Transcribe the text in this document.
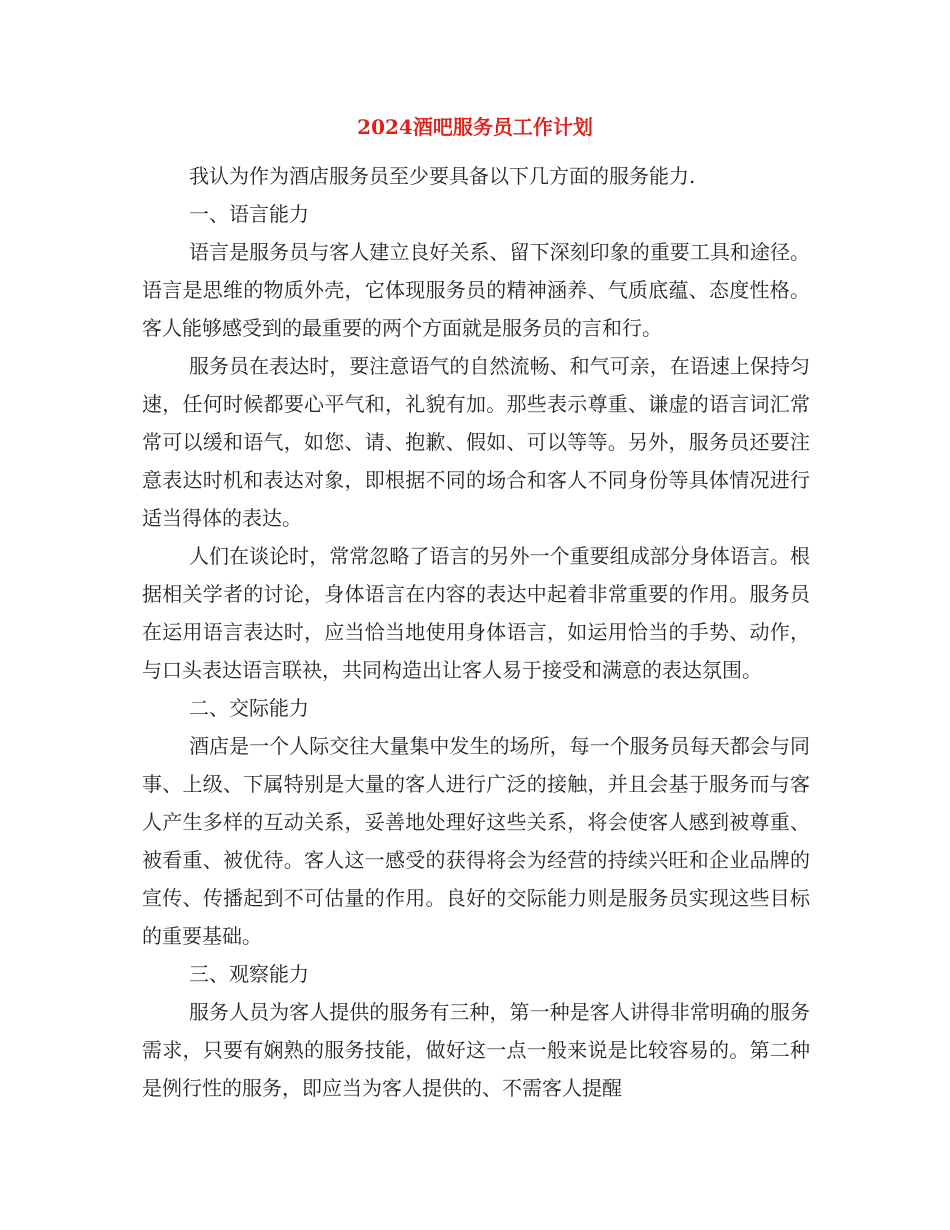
2024酒吧服务员工作计划

我认为作为酒店服务员至少要具备以下几方面的服务能力.

一、语言能力

语言是服务员与客人建立良好关系、留下深刻印象的重要工具和途径。语言是思维的物质外壳，它体现服务员的精神涵养、气质底蕴、态度性格。客人能够感受到的最重要的两个方面就是服务员的言和行。

服务员在表达时，要注意语气的自然流畅、和气可亲，在语速上保持匀速，任何时候都要心平气和，礼貌有加。那些表示尊重、谦虚的语言词汇常常可以缓和语气，如您、请、抱歉、假如、可以等等。另外，服务员还要注意表达时机和表达对象，即根据不同的场合和客人不同身份等具体情况进行适当得体的表达。

人们在谈论时，常常忽略了语言的另外一个重要组成部分身体语言。根据相关学者的讨论，身体语言在内容的表达中起着非常重要的作用。服务员在运用语言表达时，应当恰当地使用身体语言，如运用恰当的手势、动作，与口头表达语言联袂，共同构造出让客人易于接受和满意的表达氛围。

二、交际能力

酒店是一个人际交往大量集中发生的场所，每一个服务员每天都会与同事、上级、下属特别是大量的客人进行广泛的接触，并且会基于服务而与客人产生多样的互动关系，妥善地处理好这些关系，将会使客人感到被尊重、被看重、被优待。客人这一感受的获得将会为经营的持续兴旺和企业品牌的宣传、传播起到不可估量的作用。良好的交际能力则是服务员实现这些目标的重要基础。

三、观察能力

服务人员为客人提供的服务有三种，第一种是客人讲得非常明确的服务需求，只要有娴熟的服务技能，做好这一点一般来说是比较容易的。第二种是例行性的服务，即应当为客人提供的、不需客人提醒
